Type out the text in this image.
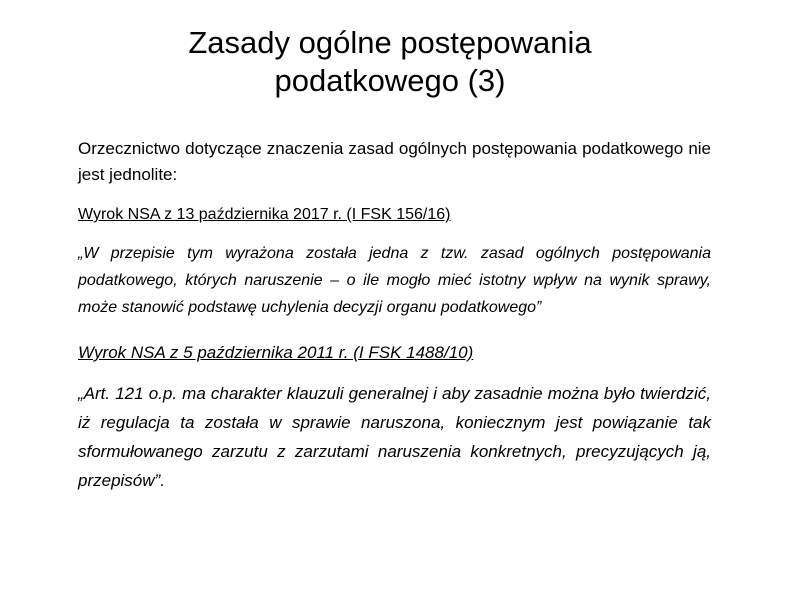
Zasady ogólne postępowania
podatkowego (3)

Orzecznictwo dotyczące znaczenia zasad ogólnych postępowania podatkowego nie jest jednolite:

Wyrok NSA z 13 października 2017 r. (I FSK 156/16)

„W przepisie tym wyrażona została jedna z tzw. zasad ogólnych postępowania podatkowego, których naruszenie – o ile mogło mieć istotny wpływ na wynik sprawy, może stanowić podstawę uchylenia decyzji organu podatkowego”

Wyrok NSA z 5 października 2011 r. (I FSK 1488/10)

„Art. 121 o.p. ma charakter klauzuli generalnej i aby zasadnie można było twierdzić, iż regulacja ta została w sprawie naruszona, koniecznym jest powiązanie tak sformułowanego zarzutu z zarzutami naruszenia konkretnych, precyzujących ją, przepisów”.
